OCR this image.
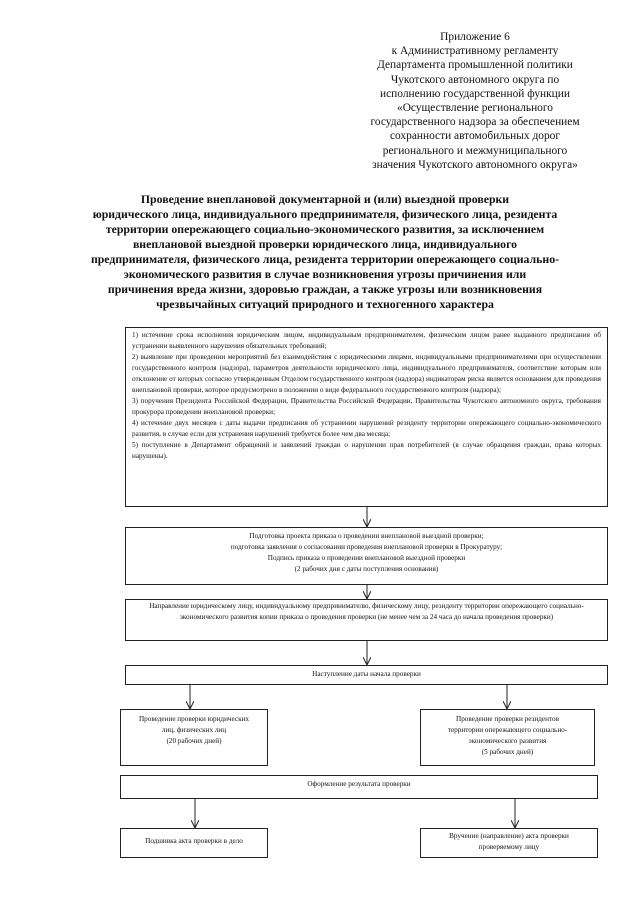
Приложение 6
к Административному регламенту
Департамента промышленной политики
Чукотского автономного округа по
исполнению государственной функции
«Осуществление регионального
государственного надзора за обеспечением
сохранности автомобильных дорог
регионального и межмуниципального
значения Чукотского автономного округа»
Проведение внеплановой документарной и (или) выездной проверки
юридического лица, индивидуального предпринимателя, физического лица, резидента
территории опережающего социально-экономического развития, за исключением
внеплановой выездной проверки юридического лица, индивидуального
предпринимателя, физического лица, резидента территории опережающего социально-
экономического развития в случае возникновения угрозы причинения или
причинения вреда жизни, здоровью граждан, а также угрозы или возникновения
чрезвычайных ситуаций природного и техногенного характера

1) истечение срока исполнения юридическим лицом, индивидуальным предпринимателем, физическим лицом ранее выданного предписания об устранении выявленного нарушения обязательных требований;

2) выявление при проведении мероприятий без взаимодействия с юридическими лицами, индивидуальными предпринимателями при осуществлении государственного контроля (надзора), параметров деятельности юридического лица, индивидуального предпринимателя, соответствие которым или отклонение от которых согласно утвержденным Отделом государственного контроля (надзора) индикаторам риска является основанием для проведения внеплановой проверки, которое предусмотрено в положении о виде федерального государственного контроля (надзора);

3) поручения Президента Российской Федерации, Правительства Российской Федерации, Правительства Чукотского автономного округа, требования прокурора проведении внеплановой проверки;

4) истечение двух месяцев с даты выдачи предписания об устранении нарушений резиденту территории опережающего социально-экономического развития, в случае если для устранения нарушений требуется более чем два месяца;

5) поступление в Департамент обращений и заявлений граждан о нарушении прав потребителей (в случае обращения граждан, права которых нарушены).

Подготовка проекта приказа о проведении внеплановой выездной проверки;
подготовка заявления о согласовании проведения внеплановой проверки в Прокуратуру;
Подпись приказа о проведении внеплановой выездной проверки
(2 рабочих дня с даты поступления основания)
Направление юридическому лицу, индивидуальному предпринимателю, физическому лицу, резиденту территории опережающего социально-экономического развития копии приказа о проведения проверки (не менее чем за 24 часа до начала проведения проверки)
Наступление даты начала проверки
Проведение проверки юридических
лиц, физических лиц
(20 рабочих дней)
Проведение проверки резидентов
территории опережающего социально-
экономического развития
(5 рабочих дней)
Оформление результата проверки
Подшивка акта проверки в дело
Вручение (направление) акта проверки проверяемому лицу
